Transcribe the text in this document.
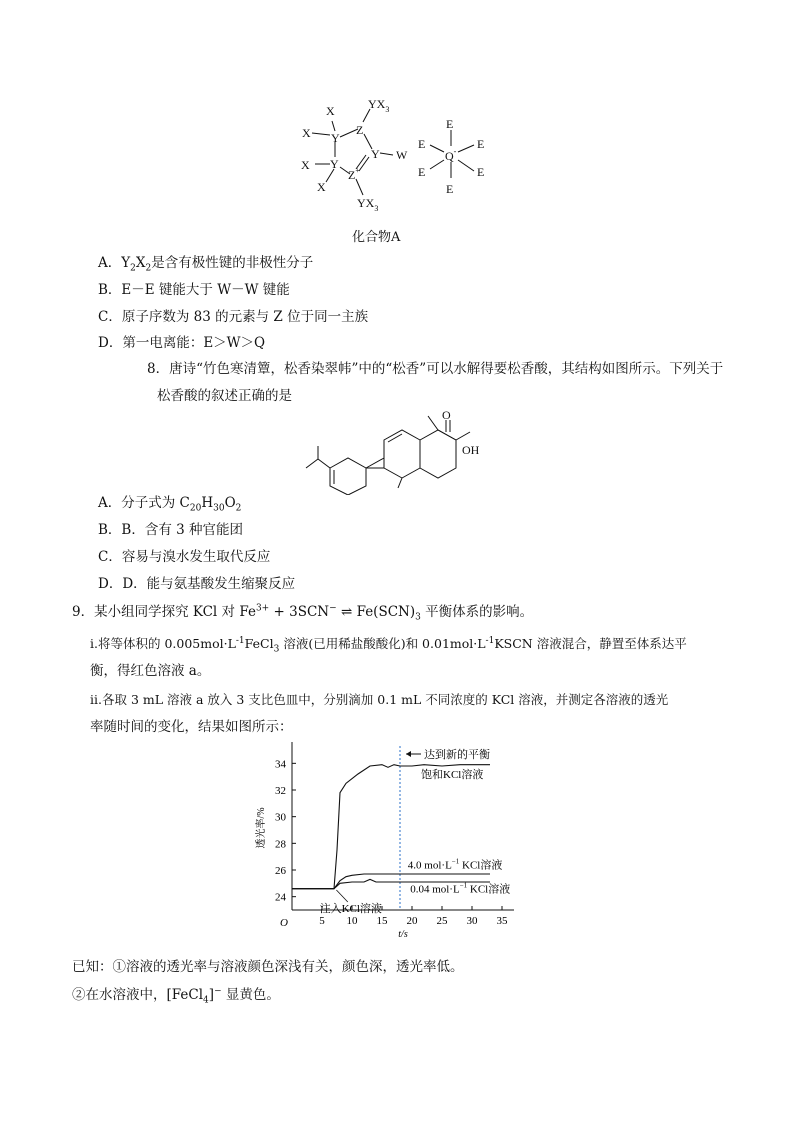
X	$YX_3$
X Y
Z
Y W
X Y
Z+
X
$YX_3$
E
E	E
Q-
E	E
E
化合物A
A．$Y_2X_2$是含有极性键的非极性分子
B．E－E 键能大于 W－W 键能
C．原子序数为 83 的元素与 Z 位于同一主族
D．第一电离能：E＞W＞Q
8．唐诗“竹色寒清簟，松香染翠帏”中的“松香”可以水解得要松香酸，其结构如图所示。下列关于
松香酸的叙述正确的是
O
OH
A．分子式为 $C_{20}H_{30}O_2$
B．B．含有 3 种官能团
C．容易与溴水发生取代反应
D．D．能与氨基酸发生缩聚反应
9．某小组同学探究 KCl 对 $Fe^{3+} + 3SCN^-$ ⇌ $Fe(SCN)_3$ 平衡体系的影响。
ⅰ.将等体积的 $0.005mol\cdot L^{-1}FeCl_3$ 溶液(已用稀盐酸酸化)和 $0.01mol\cdot L^{-1}KSCN$ 溶液混合，静置至体系达平
衡，得红色溶液 a。
ⅱ.各取 3 mL 溶液 a 放入 3 支比色皿中，分别滴加 0.1 mL 不同浓度的 KCl 溶液，并测定各溶液的透光
率随时间的变化，结果如图所示：
O
24
26
28
30
32
34
5 10 15 20 25 30 35
t/s
透光率/%
达到新的平衡
饱和KCl溶液
4.0 $mol\cdot L^{-1}$ KCl溶液
0.04 $mol\cdot L^{-1}$ KCl溶液
注入KCl溶液
已知：①溶液的透光率与溶液颜色深浅有关，颜色深，透光率低。
②在水溶液中，[FeCl$_4$]− 显黄色。
